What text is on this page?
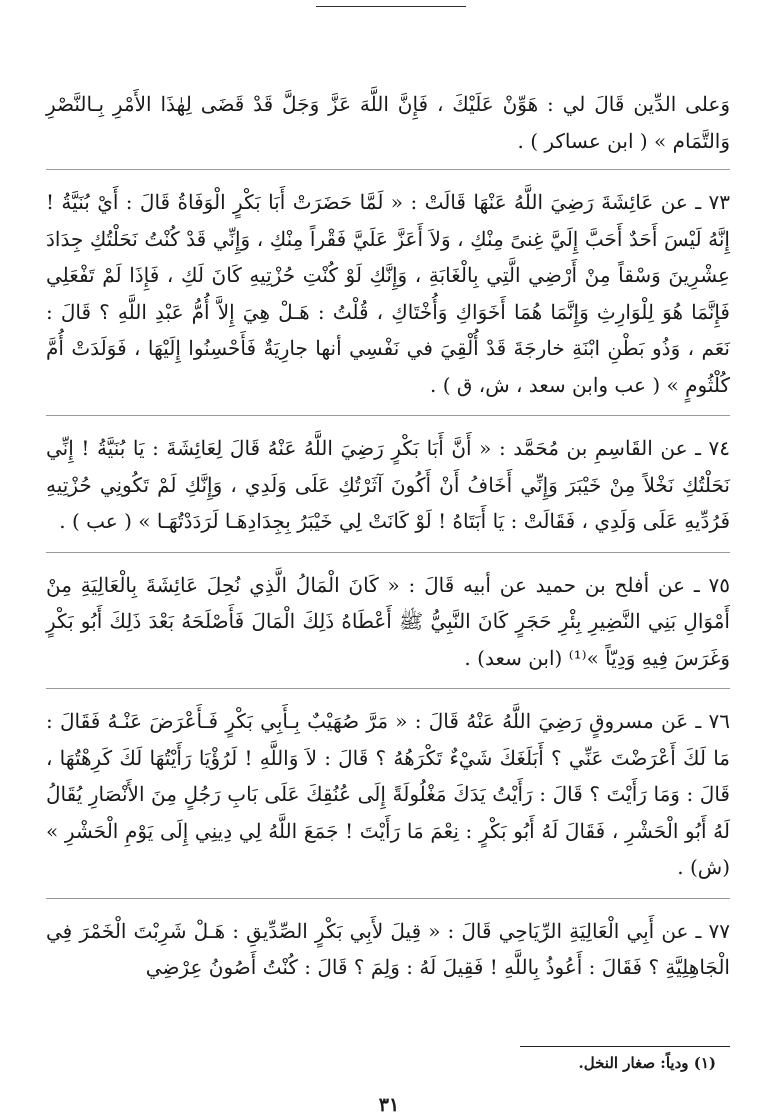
وَعلى الدِّين قَالَ لي : هَوِّنْ عَلَيْكَ ، فَإِنَّ اللَّهَ عَزَّ وَجَلَّ قَدْ قَضَى لِهٰذَا الأَمْرِ بِـالنَّصْرِ وَالتَّمَام » ( ابن عساكر ) .

٧٣ ـ عن عَائِشَةَ رَضِيَ اللَّهُ عَنْهَا قَالَتْ : « لَمَّا حَضَرَتْ أَبَا بَكْرٍ الْوَفَاةُ قَالَ : أَيْ بُنَيَّةُ ! إِنَّهُ لَيْسَ أَحَدٌ أَحَبَّ إِلَيَّ غِنىً مِنْكِ ، وَلاَ أَعَزَّ عَلَيَّ فَقْراً مِنْكِ ، وَإِنِّي قَدْ كُنْتُ نَحَلْتُكِ جِدَادَ عِشْرِينَ وَسْقاً مِنْ أَرْضِي الَّتِي بِالْغَابَةِ ، وَإِنَّكِ لَوْ كُنْتِ حُزْتِيهِ كَانَ لَكِ ، فَإِذَا لَمْ تَفْعَلِي فَإِنَّمَا هُوَ لِلْوَارِثِ وَإِنَّمَا هُمَا أَخَوَاكِ وَأُخْتَاكِ ، قُلْتُ : هَـلْ هِيَ إِلاَّ أُمُّ عَبْدِ اللَّهِ ؟ قَالَ : نَعَم ، وَذُو بَطْنِ ابْنَةِ خارجَةَ قَدْ أُلْقِيَ في نَفْسِي أنها جارِيَةٌ فَأَحْسِنُوا إِلَيْهَا ، فَوَلَدَتْ أُمَّ كُلْثُومٍ » ( عب وابن سعد ، ش، ق ) .

٧٤ ـ عن القَاسِمِ بن مُحَمَّد : « أَنَّ أَبَا بَكْرٍ رَضِيَ اللَّهُ عَنْهُ قَالَ لِعَائِشَةَ : يَا بُنَيَّةُ ! إِنِّي نَحَلْتُكِ نَخْلاً مِنْ خَيْبَرَ وَإِنِّي أَخَافُ أَنْ أَكُونَ آثَرْتُكِ عَلَى وَلَدِي ، وَإِنَّكِ لَمْ تَكُونِي حُزْتِيهِ فَرُدِّيهِ عَلَى وَلَدِي ، فَقَالَتْ : يَا أَبَتَاهُ ! لَوْ كَانَتْ لِي خَيْبَرُ بِجِدَادِهَـا لَرَدَدْتُهَـا » ( عب ) .

٧٥ ـ عن أفلح بن حميد عن أبيه قَالَ : « كَانَ الْمَالُ الَّذِي نُحِلَ عَائِشَةَ بِالْعَالِيَةِ مِنْ أَمْوَالِ بَنِي النَّضِيرِ بِئْرِ حَجَرٍ كَانَ النَّبِيُّ ﷺ أَعْطَاهُ ذَلِكَ الْمَالَ فَأَصْلَحَهُ بَعْدَ ذَلِكَ أَبُو بَكْرٍ وَغَرَسَ فِيهِ وَدِيّاً »⁽¹⁾ (ابن سعد) .

٧٦ ـ عَن مسروقٍ رَضِيَ اللَّهُ عَنْهُ قَالَ : « مَرَّ صُهَيْبٌ بِـأَبِي بَكْرٍ فَـأَعْرَضَ عَنْـهُ فَقَالَ : مَا لَكَ أَعْرَضْتَ عَنِّي ؟ أَبَلَغَكَ شَيْءٌ تَكْرَهُهُ ؟ قَالَ : لاَ وَاللَّهِ ! لَرُؤْيَا رَأَيْتُهَا لَكَ كَرِهْتُهَا ، قَالَ : وَمَا رَأَيْتَ ؟ قَالَ : رَأَيْتُ يَدَكَ مَغْلُولَةً إِلَى عُنُقِكَ عَلَى بَابِ رَجُلٍ مِنَ الأَنْصَارِ يُقَالُ لَهُ أَبُو الْحَشْرِ ، فَقَالَ لَهُ أَبُو بَكْرٍ : نِعْمَ مَا رَأَيْتَ ! جَمَعَ اللَّهُ لِي دِينِي إِلَى يَوْمِ الْحَشْرِ » (ش) .

٧٧ ـ عن أَبِي الْعَالِيَةِ الرِّيَاحِي قَالَ : « قِيلَ لأَبِي بَكْرٍ الصِّدِّيقِ : هَـلْ شَرِبْتَ الْخَمْرَ فِي الْجَاهِلِيَّةِ ؟ فَقَالَ : أَعُوذُ بِاللَّهِ ! فَقِيلَ لَهُ : وَلِمَ ؟ قَالَ : كُنْتُ أَصُونُ عِرْضِي

(١) ودياً: صغار النخل.

٣١
